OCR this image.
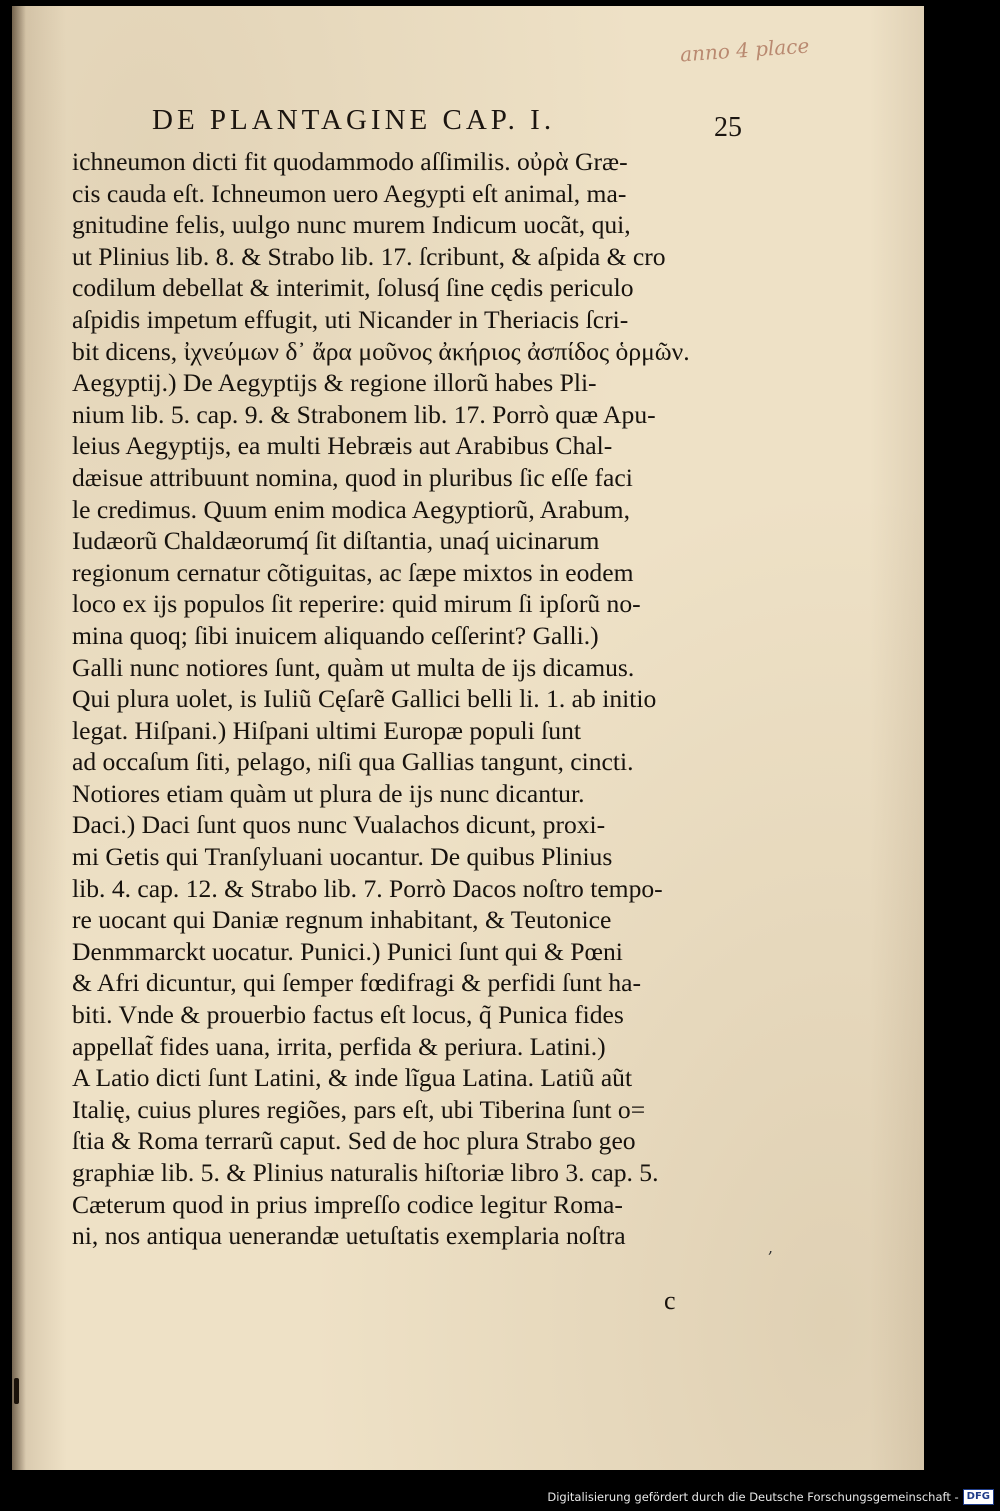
anno 4 place
DE PLANTAGINE CAP. I.	25
ichneumon dicti fit quodammodo aſſimilis. οὐρὰ Græ-
cis cauda eſt. Ichneumon uero Aegypti eſt animal, ma-
gnitudine felis, uulgo nunc murem Indicum uocãt, qui,
ut Plinius lib. 8. & Strabo lib. 17. ſcribunt, & aſpida & cro
codilum debellat & interimit, ſolusq́ ſine cędis periculo
aſpidis impetum effugit, uti Nicander in Theriacis ſcri-
bit dicens, ἰχνεύμων δ᾽ ἄρα μοῦνος ἀκήριος ἀσπίδος ὁρμῶν.
Aegyptij.) De Aegyptijs & regione illorũ habes Pli-
nium lib. 5. cap. 9. & Strabonem lib. 17. Porrò quæ Apu-
leius Aegyptijs, ea multi Hebræis aut Arabibus Chal-
dæisue attribuunt nomina, quod in pluribus ſic eſſe faci
le credimus. Quum enim modica Aegyptiorũ, Arabum,
Iudæorũ Chaldæorumq́ ſit diſtantia, unaq́ uicinarum
regionum cernatur cõtiguitas, ac ſæpe mixtos in eodem
loco ex ijs populos ſit reperire: quid mirum ſi ipſorũ no-
mina quoq; ſibi inuicem aliquando ceſſerint? Galli.)
Galli nunc notiores ſunt, quàm ut multa de ijs dicamus.
Qui plura uolet, is Iuliũ Cęſarẽ Gallici belli li. 1. ab initio
legat. Hiſpani.) Hiſpani ultimi Europæ populi ſunt
ad occaſum ſiti, pelago, niſi qua Gallias tangunt, cincti.
Notiores etiam quàm ut plura de ijs nunc dicantur.
Daci.) Daci ſunt quos nunc Vualachos dicunt, proxi-
mi Getis qui Tranſyluani uocantur. De quibus Plinius
lib. 4. cap. 12. & Strabo lib. 7. Porrò Dacos noſtro tempo-
re uocant qui Daniæ regnum inhabitant, & Teutonice
Denmmarckt uocatur. Punici.) Punici ſunt qui & Pœni
& Afri dicuntur, qui ſemper fœdifragi & perfidi ſunt ha-
biti. Vnde & prouerbio factus eſt locus, q̃ Punica fides
appellat̃ fides uana, irrita, perfida & periura. Latini.)
A Latio dicti ſunt Latini, & inde lĩgua Latina. Latiũ aũt
Italię, cuius plures regiões, pars eſt, ubi Tiberina ſunt o=
ſtia & Roma terrarũ caput. Sed de hoc plura Strabo geo
graphiæ lib. 5. & Plinius naturalis hiſtoriæ libro 3. cap. 5.
Cæterum quod in prius impreſſo codice legitur Roma-
ni, nos antiqua uenerandæ uetuſtatis exemplaria noſtra	,
c
Digitalisierung gefördert durch die Deutsche Forschungsgemeinschaft - DFG
